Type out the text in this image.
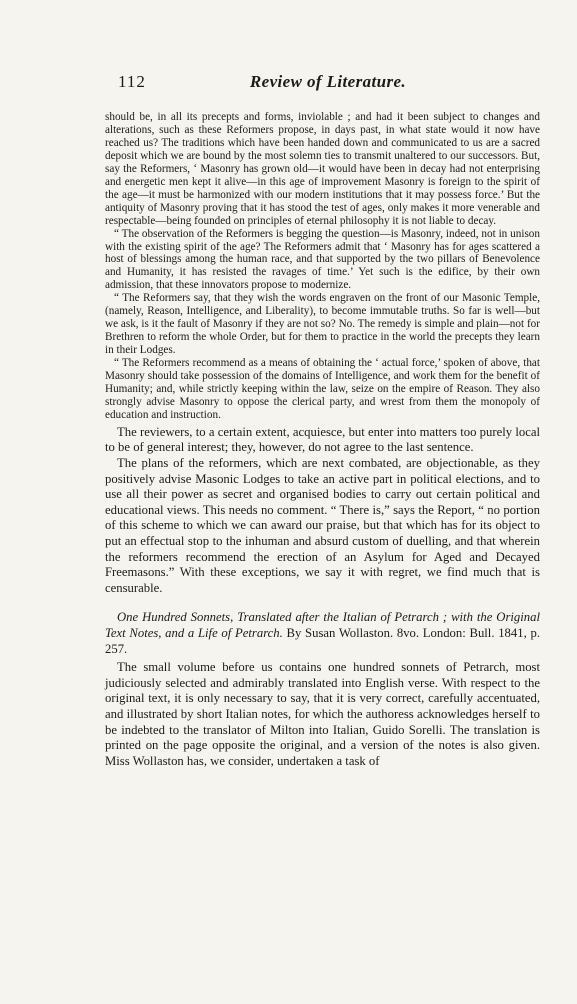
112	Review of Literature.

should be, in all its precepts and forms, inviolable ; and had it been subject to changes and alterations, such as these Reformers propose, in days past, in what state would it now have reached us? The traditions which have been handed down and communicated to us are a sacred deposit which we are bound by the most solemn ties to transmit unaltered to our successors. But, say the Reformers, ‘ Masonry has grown old—it would have been in decay had not enterprising and energetic men kept it alive—in this age of improvement Masonry is foreign to the spirit of the age—it must be harmonized with our modern institutions that it may possess force.’ But the antiquity of Masonry proving that it has stood the test of ages, only makes it more venerable and respectable—being founded on principles of eternal philosophy it is not liable to decay.

“ The observation of the Reformers is begging the question—is Masonry, indeed, not in unison with the existing spirit of the age? The Reformers admit that ‘ Masonry has for ages scattered a host of blessings among the human race, and that supported by the two pillars of Benevolence and Humanity, it has resisted the ravages of time.’ Yet such is the edifice, by their own admission, that these innovators propose to modernize.

“ The Reformers say, that they wish the words engraven on the front of our Masonic Temple, (namely, Reason, Intelligence, and Liberality), to become immutable truths. So far is well—but we ask, is it the fault of Masonry if they are not so? No. The remedy is simple and plain—not for Brethren to reform the whole Order, but for them to practice in the world the precepts they learn in their Lodges.

“ The Reformers recommend as a means of obtaining the ‘ actual force,’ spoken of above, that Masonry should take possession of the domains of Intelligence, and work them for the benefit of Humanity; and, while strictly keeping within the law, seize on the empire of Reason. They also strongly advise Masonry to oppose the clerical party, and wrest from them the monopoly of education and instruction.

The reviewers, to a certain extent, acquiesce, but enter into matters too purely local to be of general interest; they, however, do not agree to the last sentence.

The plans of the reformers, which are next combated, are objectionable, as they positively advise Masonic Lodges to take an active part in political elections, and to use all their power as secret and organised bodies to carry out certain political and educational views. This needs no comment. “ There is,” says the Report, “ no portion of this scheme to which we can award our praise, but that which has for its object to put an effectual stop to the inhuman and absurd custom of duelling, and that wherein the reformers recommend the erection of an Asylum for Aged and Decayed Freemasons.” With these exceptions, we say it with regret, we find much that is censurable.

One Hundred Sonnets, Translated after the Italian of Petrarch ; with the Original Text Notes, and a Life of Petrarch. By Susan Wollaston. 8vo. London: Bull. 1841, p. 257.

The small volume before us contains one hundred sonnets of Petrarch, most judiciously selected and admirably translated into English verse. With respect to the original text, it is only necessary to say, that it is very correct, carefully accentuated, and illustrated by short Italian notes, for which the authoress acknowledges herself to be indebted to the translator of Milton into Italian, Guido Sorelli. The translation is printed on the page opposite the original, and a version of the notes is also given. Miss Wollaston has, we consider, undertaken a task of
